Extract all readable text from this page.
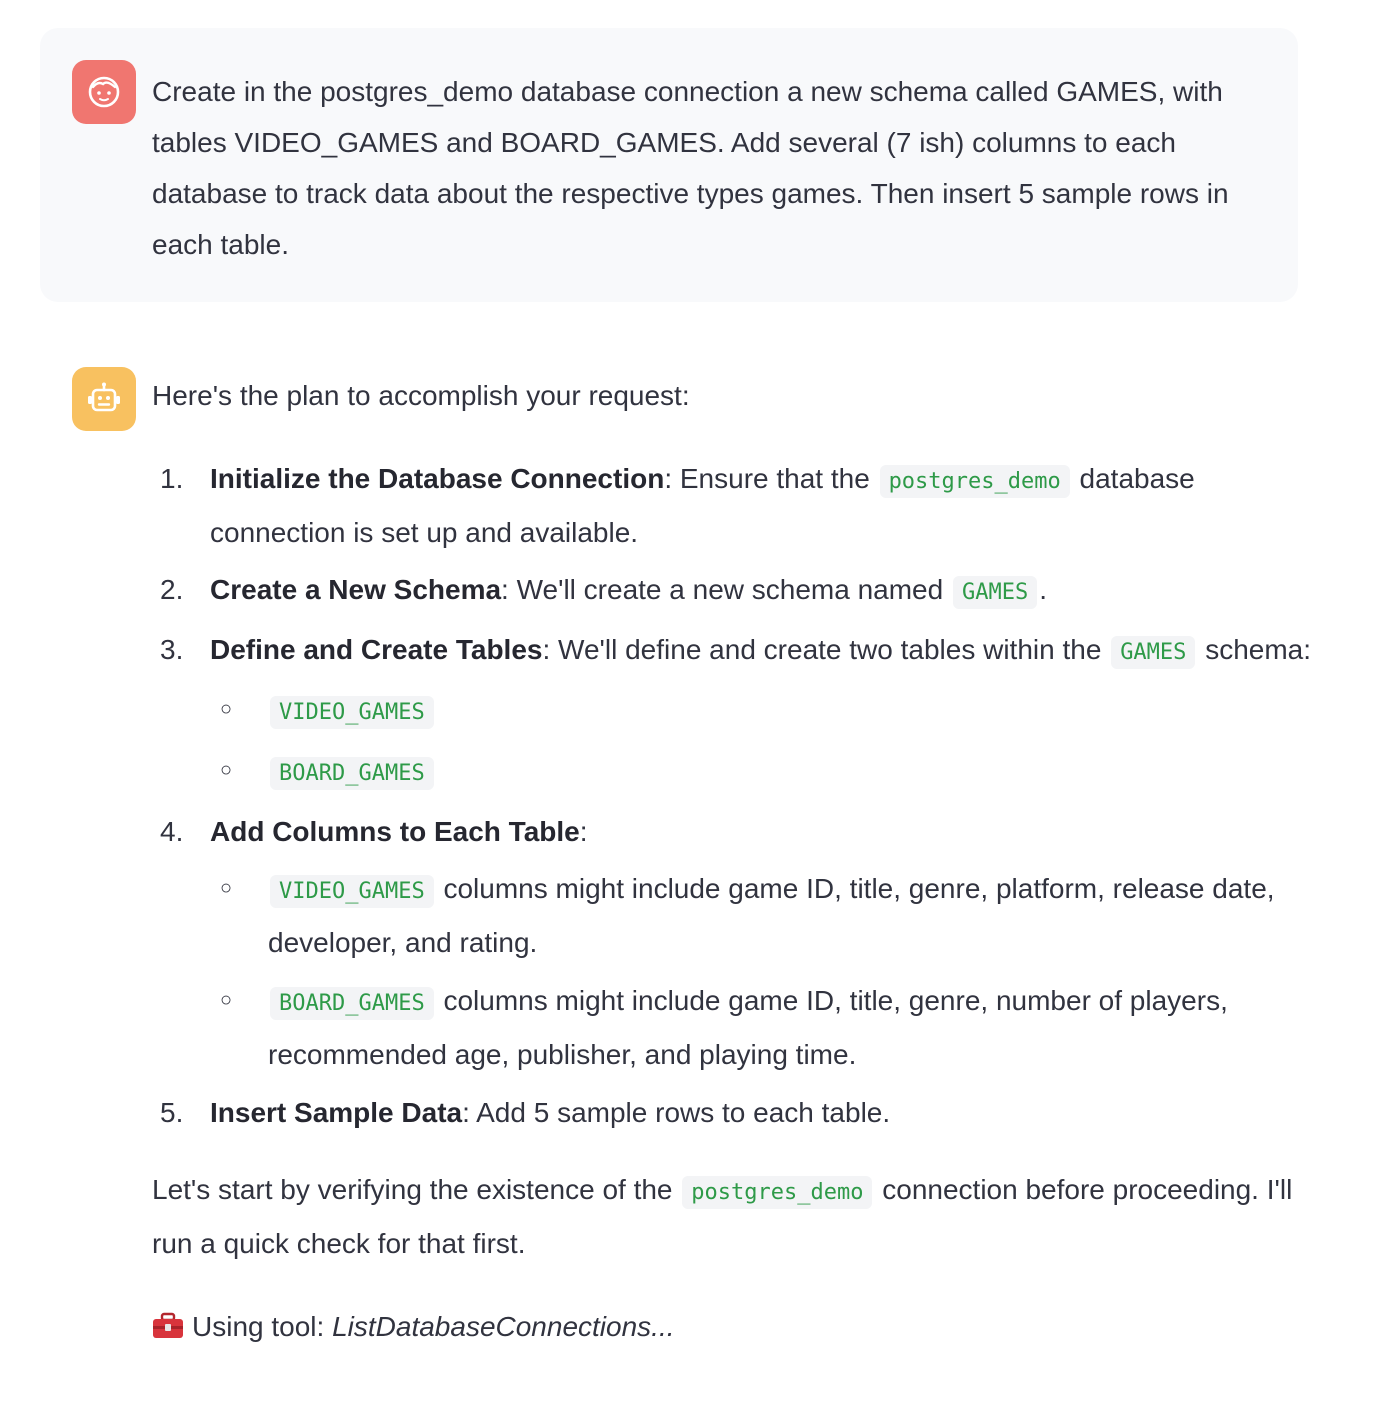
Create in the postgres_demo database connection a new schema called GAMES, with tables VIDEO_GAMES and BOARD_GAMES. Add several (7 ish) columns to each database to track data about the respective types games. Then insert 5 sample rows in each table.

Here's the plan to accomplish your request:

1. Initialize the Database Connection: Ensure that the postgres_demo database connection is set up and available.
2. Create a New Schema: We'll create a new schema named GAMES .
3. Define and Create Tables: We'll define and create two tables within the GAMES schema:
○ VIDEO_GAMES
○ BOARD_GAMES
4. Add Columns to Each Table:
○ VIDEO_GAMES columns might include game ID, title, genre, platform, release date, developer, and rating.
○ BOARD_GAMES columns might include game ID, title, genre, number of players, recommended age, publisher, and playing time.
5. Insert Sample Data: Add 5 sample rows to each table.

Let's start by verifying the existence of the postgres_demo connection before proceeding. I'll run a quick check for that first.

Using tool: ListDatabaseConnections...
